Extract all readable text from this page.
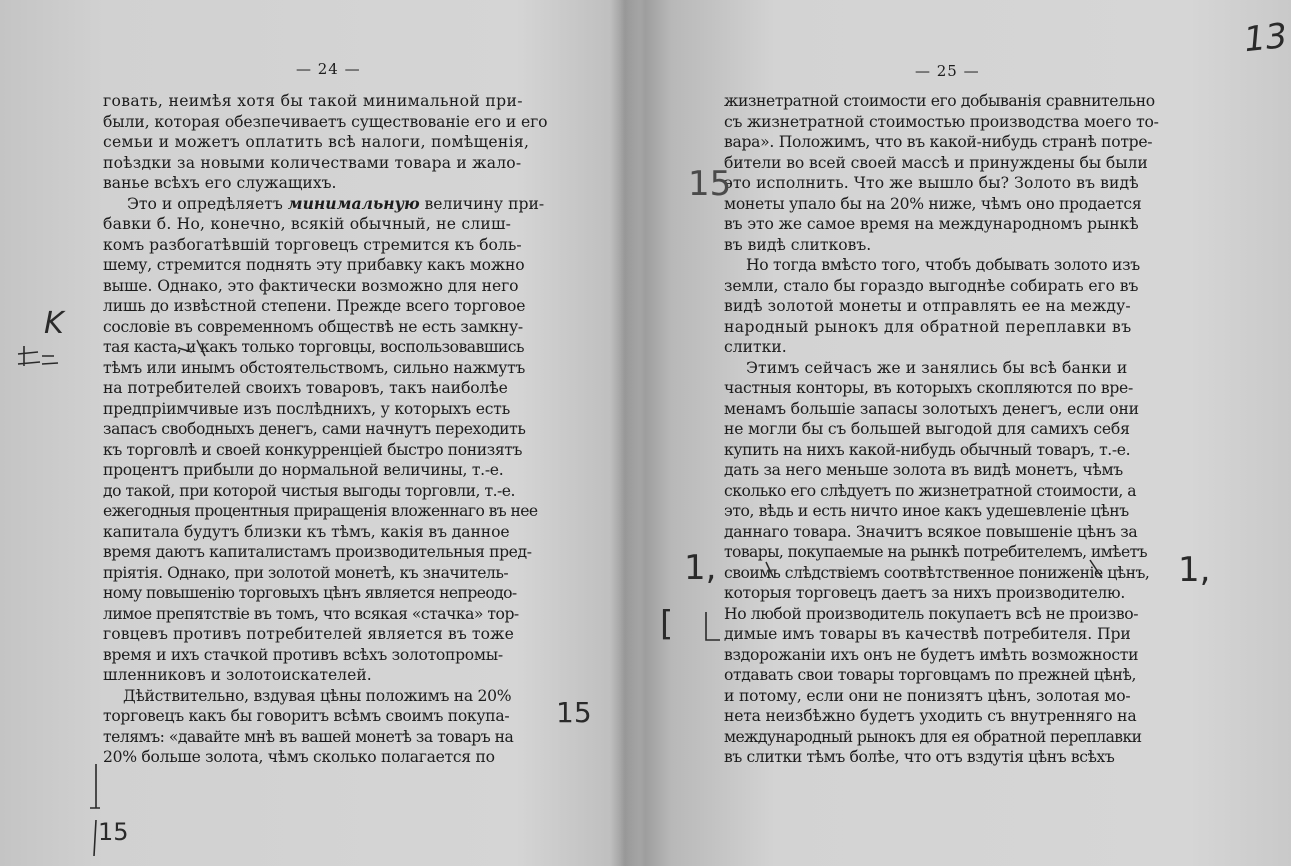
— 24 —
говать, неимѣя хотя бы такой минимальной при-
были, которая обезпечиваетъ существованіе его и его
семьи и можетъ оплатить всѣ налоги, помѣщенія,
поѣздки за новыми количествами товара и жало-
ванье всѣхъ его служащихъ.
Это и опредѣляетъ минимальную величину при-
бавки б. Но, конечно, всякій обычный, не слиш-
комъ разбогатѣвшій торговецъ стремится къ боль-
шему, стремится поднять эту прибавку какъ можно
выше. Однако, это фактически возможно для него
лишь до извѣстной степени. Прежде всего торговое
сословіе въ современномъ обществѣ не есть замкну-
тая каста, и какъ только торговцы, воспользовавшись
тѣмъ или инымъ обстоятельствомъ, сильно нажмутъ
на потребителей своихъ товаровъ, такъ наиболѣе
предпріимчивые изъ послѣднихъ, у которыхъ есть
запасъ свободныхъ денегъ, сами начнутъ переходить
къ торговлѣ и своей конкурренціей быстро понизятъ
процентъ прибыли до нормальной величины, т.-е.
до такой, при которой чистыя выгоды торговли, т.-е.
ежегодныя процентныя приращенія вложеннаго въ нее
капитала будутъ близки къ тѣмъ, какія въ данное
время даютъ капиталистамъ производительныя пред-
пріятія. Однако, при золотой монетѣ, къ значитель-
ному повышенію торговыхъ цѣнъ является непреодо-
лимое препятствіе въ томъ, что всякая «стачка» тор-
говцевъ противъ потребителей является въ тоже
время и ихъ стачкой противъ всѣхъ золотопромы-
шленниковъ и золотоискателей.
Дѣйствительно, вздувая цѣны положимъ на 20%
торговецъ какъ бы говоритъ всѣмъ своимъ покупа-
телямъ: «давайте мнѣ въ вашей монетѣ за товаръ на
20% больше золота, чѣмъ сколько полагается по
— 25 —
жизнетратной стоимости его добыванія сравнительно
съ жизнетратной стоимостью производства моего то-
вара». Положимъ, что въ какой-нибудь странѣ потре-
бители во всей своей массѣ и принуждены бы были
это исполнить. Что же вышло бы? Золото въ видѣ
монеты упало бы на 20% ниже, чѣмъ оно продается
въ это же самое время на международномъ рынкѣ
въ видѣ слитковъ.
Но тогда вмѣсто того, чтобъ добывать золото изъ
земли, стало бы гораздо выгоднѣе собирать его въ
видѣ золотой монеты и отправлять ее на между-
народный рынокъ для обратной переплавки въ
слитки.
Этимъ сейчасъ же и занялись бы всѣ банки и
частныя конторы, въ которыхъ скопляются по вре-
менамъ большіе запасы золотыхъ денегъ, если они
не могли бы съ большей выгодой для самихъ себя
купить на нихъ какой-нибудь обычный товаръ, т.-е.
дать за него меньше золота въ видѣ монетъ, чѣмъ
сколько его слѣдуетъ по жизнетратной стоимости, а
это, вѣдь и есть ничто иное какъ удешевленіе цѣнъ
даннаго товара. Значитъ всякое повышеніе цѣнъ за
товары, покупаемые на рынкѣ потребителемъ, имѣетъ
своимъ слѣдствіемъ соотвѣтственное пониженіе цѣнъ,
которыя торговецъ даетъ за нихъ производителю.
Но любой производитель покупаетъ всѣ не произво-
димые имъ товары въ качествѣ потребителя. При
вздорожаніи ихъ онъ не будетъ имѣть возможности
отдавать свои товары торговцамъ по прежней цѣнѣ,
и потому, если они не понизятъ цѣнъ, золотая мо-
нета неизбѣжно будетъ уходить съ внутренняго на
международный рынокъ для ея обратной переплавки
въ слитки тѣмъ болѣе, что отъ вздутія цѣнъ всѣхъ
13
K
15
15
15
1,	1,
[
